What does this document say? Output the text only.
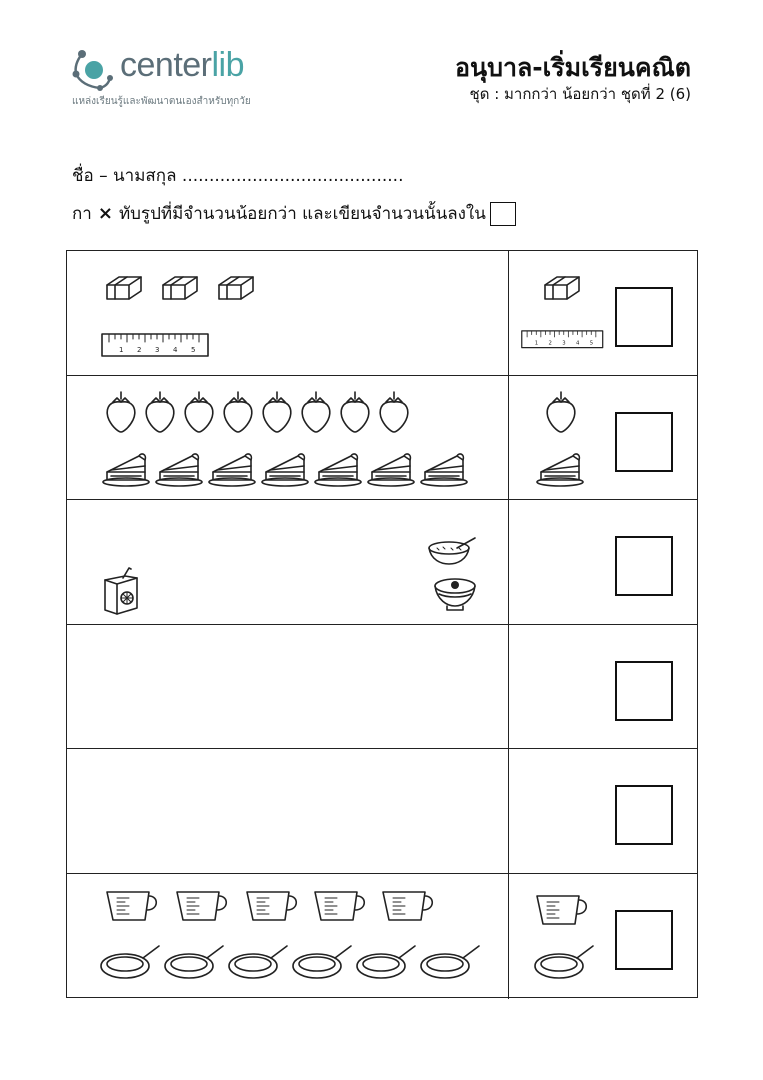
centerlib
แหล่งเรียนรู้และพัฒนาตนเองสำหรับทุกวัย
อนุบาล-เริ่มเรียนคณิต
ชุด : มากกว่า น้อยกว่า ชุดที่ 2 (6)
ชื่อ – นามสกุล .........................................
กา × ทับรูปที่มีจำนวนน้อยกว่า และเขียนจำนวนนั้นลงใน
1 2 3 4 5
1 2 3 4 5
